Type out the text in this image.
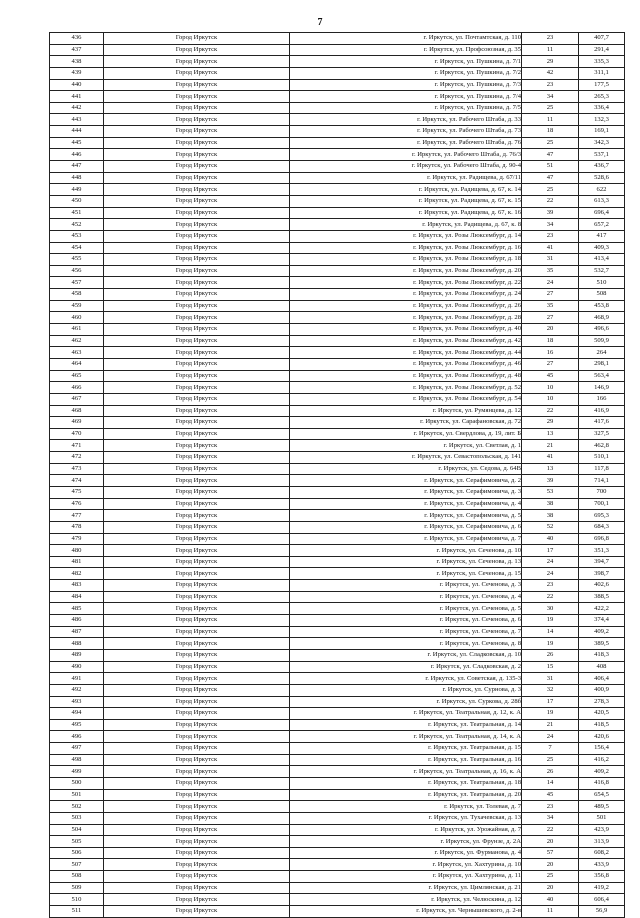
7
436	Город Иркутск	г. Иркутск, ул. Почтамтская, д. 110	23	407,7
437	Город Иркутск	г. Иркутск, ул. Профсоюзная, д. 35	11	291,4
438	Город Иркутск	г. Иркутск, ул. Пушкина, д. 7/1	29	335,3
439	Город Иркутск	г. Иркутск, ул. Пушкина, д. 7/2	42	311,1
440	Город Иркутск	г. Иркутск, ул. Пушкина, д. 7/3	23	177,5
441	Город Иркутск	г. Иркутск, ул. Пушкина, д. 7/4	34	265,3
442	Город Иркутск	г. Иркутск, ул. Пушкина, д. 7/5	25	336,4
443	Город Иркутск	г. Иркутск, ул. Рабочего Штаба, д. 33	11	132,3
444	Город Иркутск	г. Иркутск, ул. Рабочего Штаба, д. 73	18	169,1
445	Город Иркутск	г. Иркутск, ул. Рабочего Штаба, д. 76	25	342,3
446	Город Иркутск	г. Иркутск, ул. Рабочего Штаба, д. 76/3	47	537,1
447	Город Иркутск	г. Иркутск, ул. Рабочего Штаба, д. 90-4	51	436,7
448	Город Иркутск	г. Иркутск, ул. Радищева, д. 67/11	47	528,6
449	Город Иркутск	г. Иркутск, ул. Радищева, д. 67, к. 14	25	622
450	Город Иркутск	г. Иркутск, ул. Радищева, д. 67, к. 15	22	613,3
451	Город Иркутск	г. Иркутск, ул. Радищева, д. 67, к. 16	39	696,4
452	Город Иркутск	г. Иркутск, ул. Радищева, д. 67, к. 8	34	657,2
453	Город Иркутск	г. Иркутск, ул. Розы Люксембург, д. 14	23	417
454	Город Иркутск	г. Иркутск, ул. Розы Люксембург, д. 16	41	409,3
455	Город Иркутск	г. Иркутск, ул. Розы Люксембург, д. 18	31	413,4
456	Город Иркутск	г. Иркутск, ул. Розы Люксембург, д. 20	35	532,7
457	Город Иркутск	г. Иркутск, ул. Розы Люксембург, д. 22	24	510
458	Город Иркутск	г. Иркутск, ул. Розы Люксембург, д. 24	27	508
459	Город Иркутск	г. Иркутск, ул. Розы Люксембург, д. 26	35	453,8
460	Город Иркутск	г. Иркутск, ул. Розы Люксембург, д. 28	27	468,9
461	Город Иркутск	г. Иркутск, ул. Розы Люксембург, д. 40	20	496,6
462	Город Иркутск	г. Иркутск, ул. Розы Люксембург, д. 42	18	509,9
463	Город Иркутск	г. Иркутск, ул. Розы Люксембург, д. 44	16	264
464	Город Иркутск	г. Иркутск, ул. Розы Люксембург, д. 46	27	298,1
465	Город Иркутск	г. Иркутск, ул. Розы Люксембург, д. 48	45	563,4
466	Город Иркутск	г. Иркутск, ул. Розы Люксембург, д. 52	10	146,9
467	Город Иркутск	г. Иркутск, ул. Розы Люксембург, д. 54	10	166
468	Город Иркутск	г. Иркутск, ул. Румянцева, д. 12	22	416,9
469	Город Иркутск	г. Иркутск, ул. Сарафановская, д. 72	29	417,6
470	Город Иркутск	г. Иркутск, ул. Свердлова, д. 19, лит. Б	13	327,5
471	Город Иркутск	г. Иркутск, ул. Светлая, д. 1	21	462,8
472	Город Иркутск	г. Иркутск, ул. Севастопольская, д. 141	41	510,1
473	Город Иркутск	г. Иркутск, ул. Седова, д. 64В	13	117,8
474	Город Иркутск	г. Иркутск, ул. Серафимовича, д. 2	39	714,1
475	Город Иркутск	г. Иркутск, ул. Серафимовича, д. 3	53	700
476	Город Иркутск	г. Иркутск, ул. Серафимовича, д. 4	38	700,1
477	Город Иркутск	г. Иркутск, ул. Серафимовича, д. 5	38	695,3
478	Город Иркутск	г. Иркутск, ул. Серафимовича, д. 6	52	684,3
479	Город Иркутск	г. Иркутск, ул. Серафимовича, д. 7	40	696,8
480	Город Иркутск	г. Иркутск, ул. Сеченова, д. 10	17	351,3
481	Город Иркутск	г. Иркутск, ул. Сеченова, д. 13	24	394,7
482	Город Иркутск	г. Иркутск, ул. Сеченова, д. 15	24	398,7
483	Город Иркутск	г. Иркутск, ул. Сеченова, д. 3	23	402,6
484	Город Иркутск	г. Иркутск, ул. Сеченова, д. 4	22	388,5
485	Город Иркутск	г. Иркутск, ул. Сеченова, д. 5	30	422,2
486	Город Иркутск	г. Иркутск, ул. Сеченова, д. 6	19	374,4
487	Город Иркутск	г. Иркутск, ул. Сеченова, д. 7	14	409,2
488	Город Иркутск	г. Иркутск, ул. Сеченова, д. 8	19	389,5
489	Город Иркутск	г. Иркутск, ул. Сладковская, д. 10	26	418,3
490	Город Иркутск	г. Иркутск, ул. Сладковская, д. 2	15	408
491	Город Иркутск	г. Иркутск, ул. Советская, д. 135-3	31	406,4
492	Город Иркутск	г. Иркутск, ул. Сурнова, д. 3	32	400,9
493	Город Иркутск	г. Иркутск, ул. Суркова, д. 28б	17	278,3
494	Город Иркутск	г. Иркутск, ул. Театральная, д. 12, к. А	19	420,5
495	Город Иркутск	г. Иркутск, ул. Театральная, д. 14	21	418,5
496	Город Иркутск	г. Иркутск, ул. Театральная, д. 14, к. А	24	420,6
497	Город Иркутск	г. Иркутск, ул. Театральная, д. 15	7	156,4
498	Город Иркутск	г. Иркутск, ул. Театральная, д. 16	25	416,2
499	Город Иркутск	г. Иркутск, ул. Театральная, д. 16, к. А	26	409,2
500	Город Иркутск	г. Иркутск, ул. Театральная, д. 18	14	416,8
501	Город Иркутск	г. Иркутск, ул. Театральная, д. 20	45	654,5
502	Город Иркутск	г. Иркутск, ул. Толевая, д. 7	23	489,5
503	Город Иркутск	г. Иркутск, ул. Тухачевская, д. 13	34	501
504	Город Иркутск	г. Иркутск, ул. Урожайная, д. 7	22	423,9
505	Город Иркутск	г. Иркутск, ул. Фрунзе, д. 2А	20	313,9
506	Город Иркутск	г. Иркутск, ул. Фурманова, д. 4	57	608,2
507	Город Иркутск	г. Иркутск, ул. Хахтурина, д. 10	20	433,9
508	Город Иркутск	г. Иркутск, ул. Хахтурина, д. 11	25	356,8
509	Город Иркутск	г. Иркутск, ул. Цимлянская, д. 21	20	419,2
510	Город Иркутск	г. Иркутск, ул. Челюскина, д. 12	40	606,4
511	Город Иркутск	г. Иркутск, ул. Чернышевского, д. 2-в	11	56,9
